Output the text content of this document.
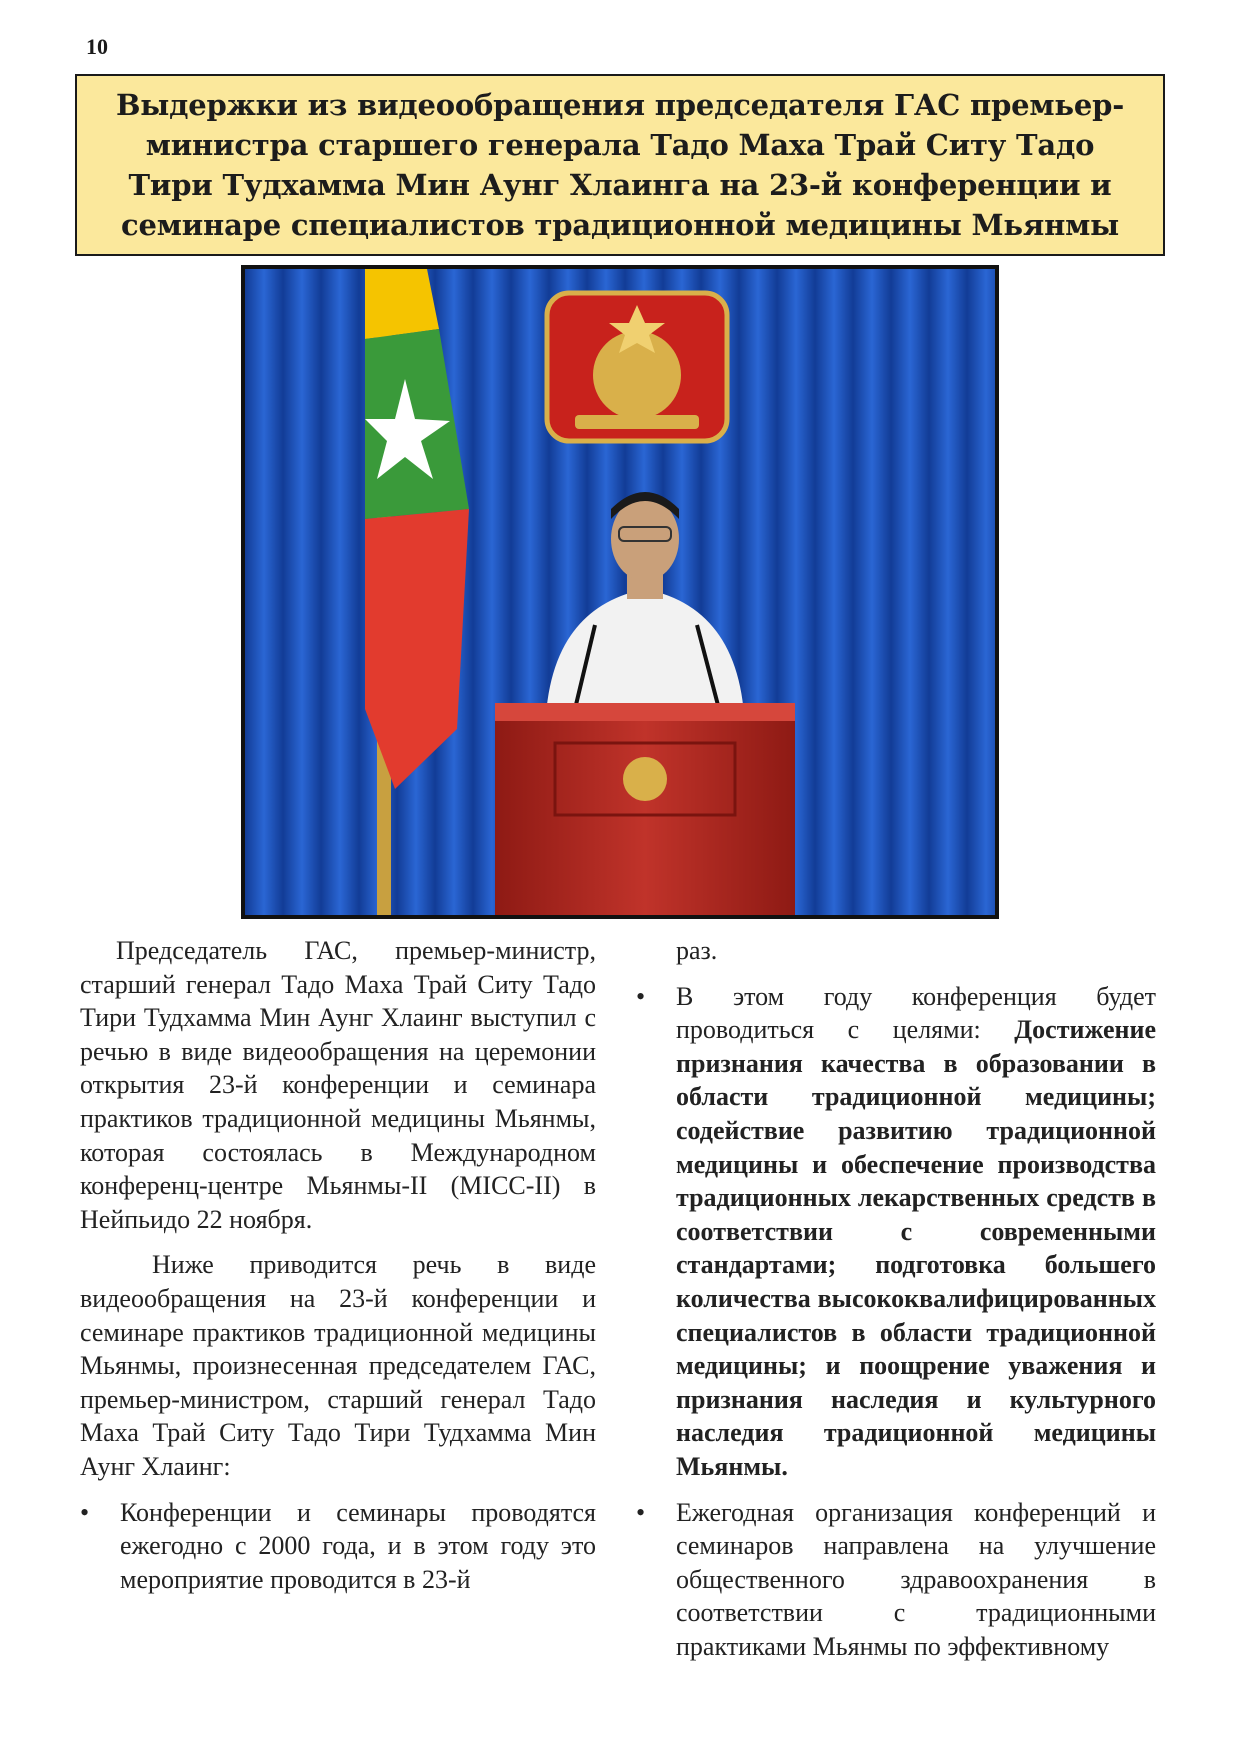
10
Выдержки из видеообращения председателя ГАС премьер-министра старшего генерала Тадо Маха Трай Ситу Тадо Тири Тудхамма Мин Аунг Хлаинга на 23-й конференции и семинаре специалистов традиционной медицины Мьянмы

Председатель ГАС, премьер-министр, старший генерал Тадо Маха Трай Ситу Тадо Тири Тудхамма Мин Аунг Хлаинг выступил с речью в виде видеообращения на церемонии открытия 23-й конференции и семинара практиков традиционной медицины Мьянмы, которая состоялась в Международном конференц-центре Мьянмы-II (MICC-II) в Нейпьидо 22 ноября.

Ниже приводится речь в виде видеообращения на 23-й конференции и семинаре практиков традиционной медицины Мьянмы, произнесенная председателем ГАС, премьер-министром, старший генерал Тадо Маха Трай Ситу Тадо Тири Тудхамма Мин Аунг Хлаинг:

• Конференции и семинары проводятся ежегодно с 2000 года, и в этом году это мероприятие проводится в 23-й

раз.

• В этом году конференция будет проводиться с целями: Достижение признания качества в образовании в области традиционной медицины; содействие развитию традиционной медицины и обеспечение производства традиционных лекарственных средств в соответствии с современными стандартами; подготовка большего количества высококвалифицированных специалистов в области традиционной медицины; и поощрение уважения и признания наследия и культурного наследия традиционной медицины Мьянмы.
• Ежегодная организация конференций и семинаров направлена на улучшение общественного здравоохранения в соответствии с традиционными практиками Мьянмы по эффективному
